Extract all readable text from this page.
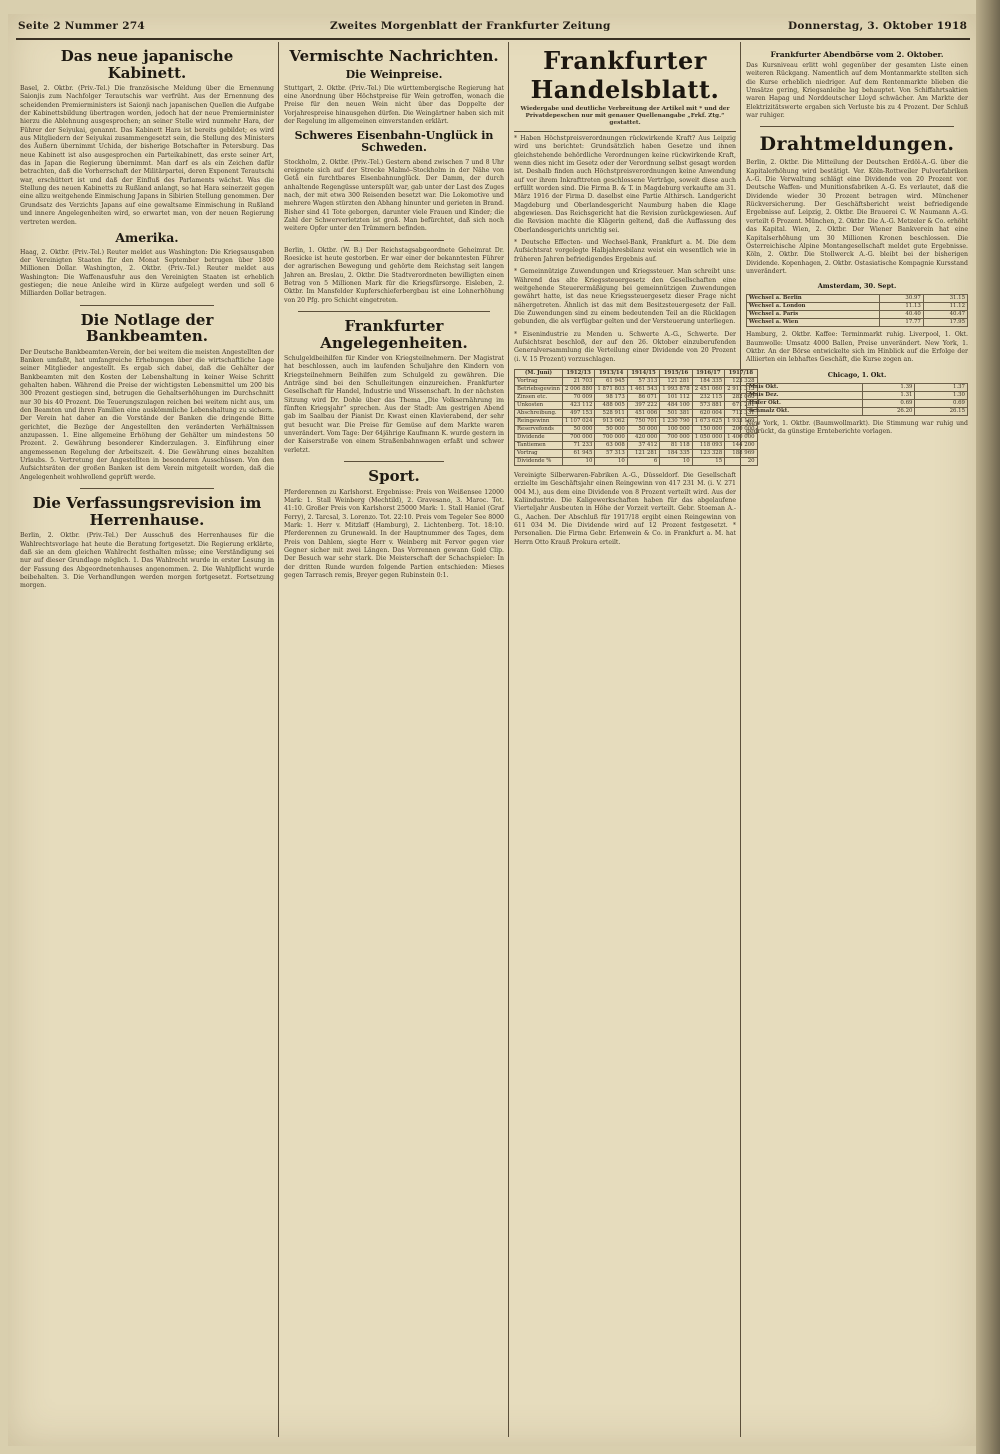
Seite 2 Nummer 274	Zweites Morgenblatt der Frankfurter Zeitung	Donnerstag, 3. Oktober 1918
Das neue japanische Kabinett.

Basel, 2. Oktbr. (Priv.-Tel.) Die französische Meldung über die Ernennung Saionjis zum Nachfolger Terautschis war verfrüht. Aus der Ernennung des scheidenden Premierministers ist Saionji nach japanischen Quellen die Aufgabe der Kabinettsbildung übertragen worden, jedoch hat der neue Premierminister hierzu die Ablehnung ausgesprochen; an seiner Stelle wird nunmehr Hara, der Führer der Seiyukai, genannt. Das Kabinett Hara ist bereits gebildet; es wird aus Mitgliedern der Seiyukai zusammengesetzt sein, die Stellung des Ministers des Äußern übernimmt Uchida, der bisherige Botschafter in Petersburg. Das neue Kabinett ist also ausgesprochen ein Parteikabinett, das erste seiner Art, das in Japan die Regierung übernimmt. Man darf es als ein Zeichen dafür betrachten, daß die Vorherrschaft der Militärpartei, deren Exponent Terautschi war, erschüttert ist und daß der Einfluß des Parlaments wächst. Was die Stellung des neuen Kabinetts zu Rußland anlangt, so hat Hara seinerzeit gegen eine allzu weitgehende Einmischung Japans in Sibirien Stellung genommen. Der Grundsatz des Verzichts Japans auf eine gewaltsame Einmischung in Rußland und innere Angelegenheiten wird, so erwartet man, von der neuen Regierung vertreten werden.

Amerika.

Haag, 2. Oktbr. (Priv.-Tel.) Reuter meldet aus Washington: Die Kriegsausgaben der Vereinigten Staaten für den Monat September betrugen über 1800 Millionen Dollar. Washington, 2. Oktbr. (Priv.-Tel.) Reuter meldet aus Washington: Die Waffenausfuhr aus den Vereinigten Staaten ist erheblich gestiegen; die neue Anleihe wird in Kürze aufgelegt werden und soll 6 Milliarden Dollar betragen.

Die Notlage der Bankbeamten.

Der Deutsche Bankbeamten-Verein, der bei weitem die meisten Angestellten der Banken umfaßt, hat umfangreiche Erhebungen über die wirtschaftliche Lage seiner Mitglieder angestellt. Es ergab sich dabei, daß die Gehälter der Bankbeamten mit den Kosten der Lebenshaltung in keiner Weise Schritt gehalten haben. Während die Preise der wichtigsten Lebensmittel um 200 bis 300 Prozent gestiegen sind, betrugen die Gehaltserhöhungen im Durchschnitt nur 30 bis 40 Prozent. Die Teuerungszulagen reichen bei weitem nicht aus, um den Beamten und ihren Familien eine auskömmliche Lebenshaltung zu sichern. Der Verein hat daher an die Vorstände der Banken die dringende Bitte gerichtet, die Bezüge der Angestellten den veränderten Verhältnissen anzupassen. 1. Eine allgemeine Erhöhung der Gehälter um mindestens 50 Prozent. 2. Gewährung besonderer Kinderzulagen. 3. Einführung einer angemessenen Regelung der Arbeitszeit. 4. Die Gewährung eines bezahlten Urlaubs. 5. Vertretung der Angestellten in besonderen Ausschüssen. Von den Aufsichtsräten der großen Banken ist dem Verein mitgeteilt worden, daß die Angelegenheit wohlwollend geprüft werde.

Die Verfassungsrevision im Herrenhause.

Berlin, 2. Oktbr. (Priv.-Tel.) Der Ausschuß des Herrenhauses für die Wahlrechtsvorlage hat heute die Beratung fortgesetzt. Die Regierung erklärte, daß sie an dem gleichen Wahlrecht festhalten müsse; eine Verständigung sei nur auf dieser Grundlage möglich. 1. Das Wahlrecht wurde in erster Lesung in der Fassung des Abgeordnetenhauses angenommen. 2. Die Wahlpflicht wurde beibehalten. 3. Die Verhandlungen werden morgen fortgesetzt. Fortsetzung morgen.

Vermischte Nachrichten.
Die Weinpreise.

Stuttgart, 2. Oktbr. (Priv.-Tel.) Die württembergische Regierung hat eine Anordnung über Höchstpreise für Wein getroffen, wonach die Preise für den neuen Wein nicht über das Doppelte der Vorjahrespreise hinausgehen dürfen. Die Weingärtner haben sich mit der Regelung im allgemeinen einverstanden erklärt.

Schweres Eisenbahn-Unglück in Schweden.

Stockholm, 2. Oktbr. (Priv.-Tel.) Gestern abend zwischen 7 und 8 Uhr ereignete sich auf der Strecke Malmö–Stockholm in der Nähe von Getå ein furchtbares Eisenbahnunglück. Der Damm, der durch anhaltende Regengüsse unterspült war, gab unter der Last des Zuges nach, der mit etwa 300 Reisenden besetzt war. Die Lokomotive und mehrere Wagen stürzten den Abhang hinunter und gerieten in Brand. Bisher sind 41 Tote geborgen, darunter viele Frauen und Kinder; die Zahl der Schwerverletzten ist groß. Man befürchtet, daß sich noch weitere Opfer unter den Trümmern befinden.

Berlin, 1. Oktbr. (W. B.) Der Reichstagsabgeordnete Geheimrat Dr. Roesicke ist heute gestorben. Er war einer der bekanntesten Führer der agrarischen Bewegung und gehörte dem Reichstag seit langen Jahren an. Breslau, 2. Oktbr. Die Stadtverordneten bewilligten einen Betrag von 5 Millionen Mark für die Kriegsfürsorge. Eisleben, 2. Oktbr. Im Mansfelder Kupferschieferbergbau ist eine Lohnerhöhung von 20 Pfg. pro Schicht eingetreten.

Frankfurter Angelegenheiten.

Schulgeldbeihilfen für Kinder von Kriegsteilnehmern. Der Magistrat hat beschlossen, auch im laufenden Schuljahre den Kindern von Kriegsteilnehmern Beihilfen zum Schulgeld zu gewähren. Die Anträge sind bei den Schulleitungen einzureichen. Frankfurter Gesellschaft für Handel, Industrie und Wissenschaft. In der nächsten Sitzung wird Dr. Dohle über das Thema „Die Volksernährung im fünften Kriegsjahr“ sprechen. Aus der Stadt: Am gestrigen Abend gab im Saalbau der Pianist Dr. Kwast einen Klavierabend, der sehr gut besucht war. Die Preise für Gemüse auf dem Markte waren unverändert. Vom Tage: Der 64jährige Kaufmann K. wurde gestern in der Kaiserstraße von einem Straßenbahnwagen erfaßt und schwer verletzt.

Sport.

Pferderennen zu Karlshorst. Ergebnisse: Preis von Weißensee 12000 Mark: 1. Stall Weinberg (Mechtild), 2. Gravesano, 3. Maroc. Tot. 41:10. Großer Preis von Karlshorst 25000 Mark: 1. Stall Haniel (Graf Ferry), 2. Tarcsal, 3. Lorenzo. Tot. 22:10. Preis vom Tegeler See 8000 Mark: 1. Herr v. Mitzlaff (Hamburg), 2. Lichtenberg. Tot. 18:10. Pferderennen zu Grunewald. In der Hauptnummer des Tages, dem Preis von Dahlem, siegte Herr v. Weinberg mit Fervor gegen vier Gegner sicher mit zwei Längen. Das Vorrennen gewann Gold Clip. Der Besuch war sehr stark. Die Meisterschaft der Schachspieler: In der dritten Runde wurden folgende Partien entschieden: Mieses gegen Tarrasch remis, Breyer gegen Rubinstein 0:1.

Frankfurter Handelsblatt.

Wiedergabe und deutliche Verbreitung der Artikel mit * und der Privatdepeschen nur mit genauer Quellenangabe „Frkf. Ztg.“ gestattet.

* Haben Höchstpreisverordnungen rückwirkende Kraft? Aus Leipzig wird uns berichtet: Grundsätzlich haben Gesetze und ihnen gleichstehende behördliche Verordnungen keine rückwirkende Kraft, wenn dies nicht im Gesetz oder der Verordnung selbst gesagt worden ist. Deshalb finden auch Höchstpreisverordnungen keine Anwendung auf vor ihrem Inkrafttreten geschlossene Verträge, soweit diese auch erfüllt worden sind. Die Firma B. & T. in Magdeburg verkaufte am 31. März 1916 der Firma D. daselbst eine Partie Althirsch. Landgericht Magdeburg und Oberlandesgericht Naumburg haben die Klage abgewiesen. Das Reichsgericht hat die Revision zurückgewiesen. Auf die Revision machte die Klägerin geltend, daß die Auffassung des Oberlandesgerichts unrichtig sei.

* Deutsche Effecten- und Wechsel-Bank, Frankfurt a. M. Die dem Aufsichtsrat vorgelegte Halbjahresbilanz weist ein wesentlich wie in früheren Jahren befriedigendes Ergebnis auf.

* Gemeinnützige Zuwendungen und Kriegssteuer. Man schreibt uns: Während das alte Kriegssteuergesetz den Gesellschaften eine weitgehende Steuerermäßigung bei gemeinnützigen Zuwendungen gewährt hatte, ist das neue Kriegssteuergesetz dieser Frage nicht nähergetreten. Ähnlich ist das mit dem Besitzsteuergesetz der Fall. Die Zuwendungen sind zu einem bedeutenden Teil an die Rücklagen gebunden, die als verfügbar gelten und der Versteuerung unterliegen.

* Eisenindustrie zu Menden u. Schwerte A.-G., Schwerte. Der Aufsichtsrat beschloß, der auf den 26. Oktober einzuberufenden Generalversammlung die Verteilung einer Dividende von 20 Prozent (i. V. 15 Prozent) vorzuschlagen.

(M. Juni)	1912/13	1913/14	1914/15	1915/16	1916/17	1917/18
Vortrag	21 703	61 945	57 313	121 281	184 335	123 328
Betriebsgewinn	2 006 880	1 871 803	1 461 543	1 993 878	2 451 060	2 911 313
Zinsen etc.	70 009	98 173	86 071	101 112	232 115	282 060
Unkosten	423 112	488 005	397 222	484 100	573 881	671 201
Abschreibung.	497 153	528 911	451 006	501 381	620 004	712 331
Reingewinn	1 107 024	913 062	750 701	1 230 790	1 673 625	1 933 169
Reservefonds	50 000	50 000	50 000	100 000	150 000	200 000
Dividende	700 000	700 000	420 000	700 000	1 050 000	1 400 000
Tantiemen	71 233	63 008	37 412	81 118	118 093	144 200
Vortrag	61 945	57 313	121 281	184 335	123 328	188 969
Dividende %	10	10	6	10	15	20

Vereinigte Silberwaren-Fabriken A.-G., Düsseldorf. Die Gesellschaft erzielte im Geschäftsjahr einen Reingewinn von 417 231 M. (i. V. 271 004 M.), aus dem eine Dividende von 8 Prozent verteilt wird. Aus der Kaliindustrie. Die Kaligewerkschaften haben für das abgelaufene Vierteljahr Ausbeuten in Höhe der Vorzeit verteilt. Gebr. Stoeman A.-G., Aachen. Der Abschluß für 1917/18 ergibt einen Reingewinn von 611 034 M. Die Dividende wird auf 12 Prozent festgesetzt. * Personalien. Die Firma Gebr. Erlenwein & Co. in Frankfurt a. M. hat Herrn Otto Krauß Prokura erteilt.

Frankfurter Abendbörse vom 2. Oktober.

Das Kursniveau erlitt wohl gegenüber der gesamten Liste einen weiteren Rückgang. Namentlich auf dem Montanmarkte stellten sich die Kurse erheblich niedriger. Auf dem Rentenmarkte blieben die Umsätze gering, Kriegsanleihe lag behauptet. Von Schiffahrtsaktien waren Hapag und Norddeutscher Lloyd schwächer. Am Markte der Elektrizitätswerte ergaben sich Verluste bis zu 4 Prozent. Der Schluß war ruhiger.

Drahtmeldungen.

Berlin, 2. Oktbr. Die Mitteilung der Deutschen Erdöl-A.-G. über die Kapitalerhöhung wird bestätigt. Ver. Köln-Rottweiler Pulverfabriken A.-G. Die Verwaltung schlägt eine Dividende von 20 Prozent vor. Deutsche Waffen- und Munitionsfabriken A.-G. Es verlautet, daß die Dividende wieder 30 Prozent betragen wird. Münchener Rückversicherung. Der Geschäftsbericht weist befriedigende Ergebnisse auf. Leipzig, 2. Oktbr. Die Brauerei C. W. Naumann A.-G. verteilt 6 Prozent. München, 2. Oktbr. Die A.-G. Metzeler & Co. erhöht das Kapital. Wien, 2. Oktbr. Der Wiener Bankverein hat eine Kapitalserhöhung um 30 Millionen Kronen beschlossen. Die Österreichische Alpine Montangesellschaft meldet gute Ergebnisse. Köln, 2. Oktbr. Die Stollwerck A.-G. bleibt bei der bisherigen Dividende. Kopenhagen, 2. Oktbr. Ostasiatische Kompagnie Kursstand unverändert.

Amsterdam, 30. Sept.
Wechsel a. Berlin	30.97	31.15
Wechsel a. London	11.13	11.12
Wechsel a. Paris	40.40	40.47
Wechsel a. Wien	17.77	17.95

Hamburg, 2. Oktbr. Kaffee: Terminmarkt ruhig. Liverpool, 1. Okt. Baumwolle: Umsatz 4000 Ballen, Preise unverändert. New York, 1. Oktbr. An der Börse entwickelte sich im Hinblick auf die Erfolge der Alliierten ein lebhaftes Geschäft, die Kurse zogen an.

Chicago, 1. Okt.
Mais Okt.	1.39	1.37
Mais Dez.	1.31	1.30
Hafer Okt.	0.69	0.69
Schmalz Okt.	26.20	26.15

New York, 1. Oktbr. (Baumwollmarkt). Die Stimmung war ruhig und gedrückt, da günstige Ernteberichte vorlagen.
